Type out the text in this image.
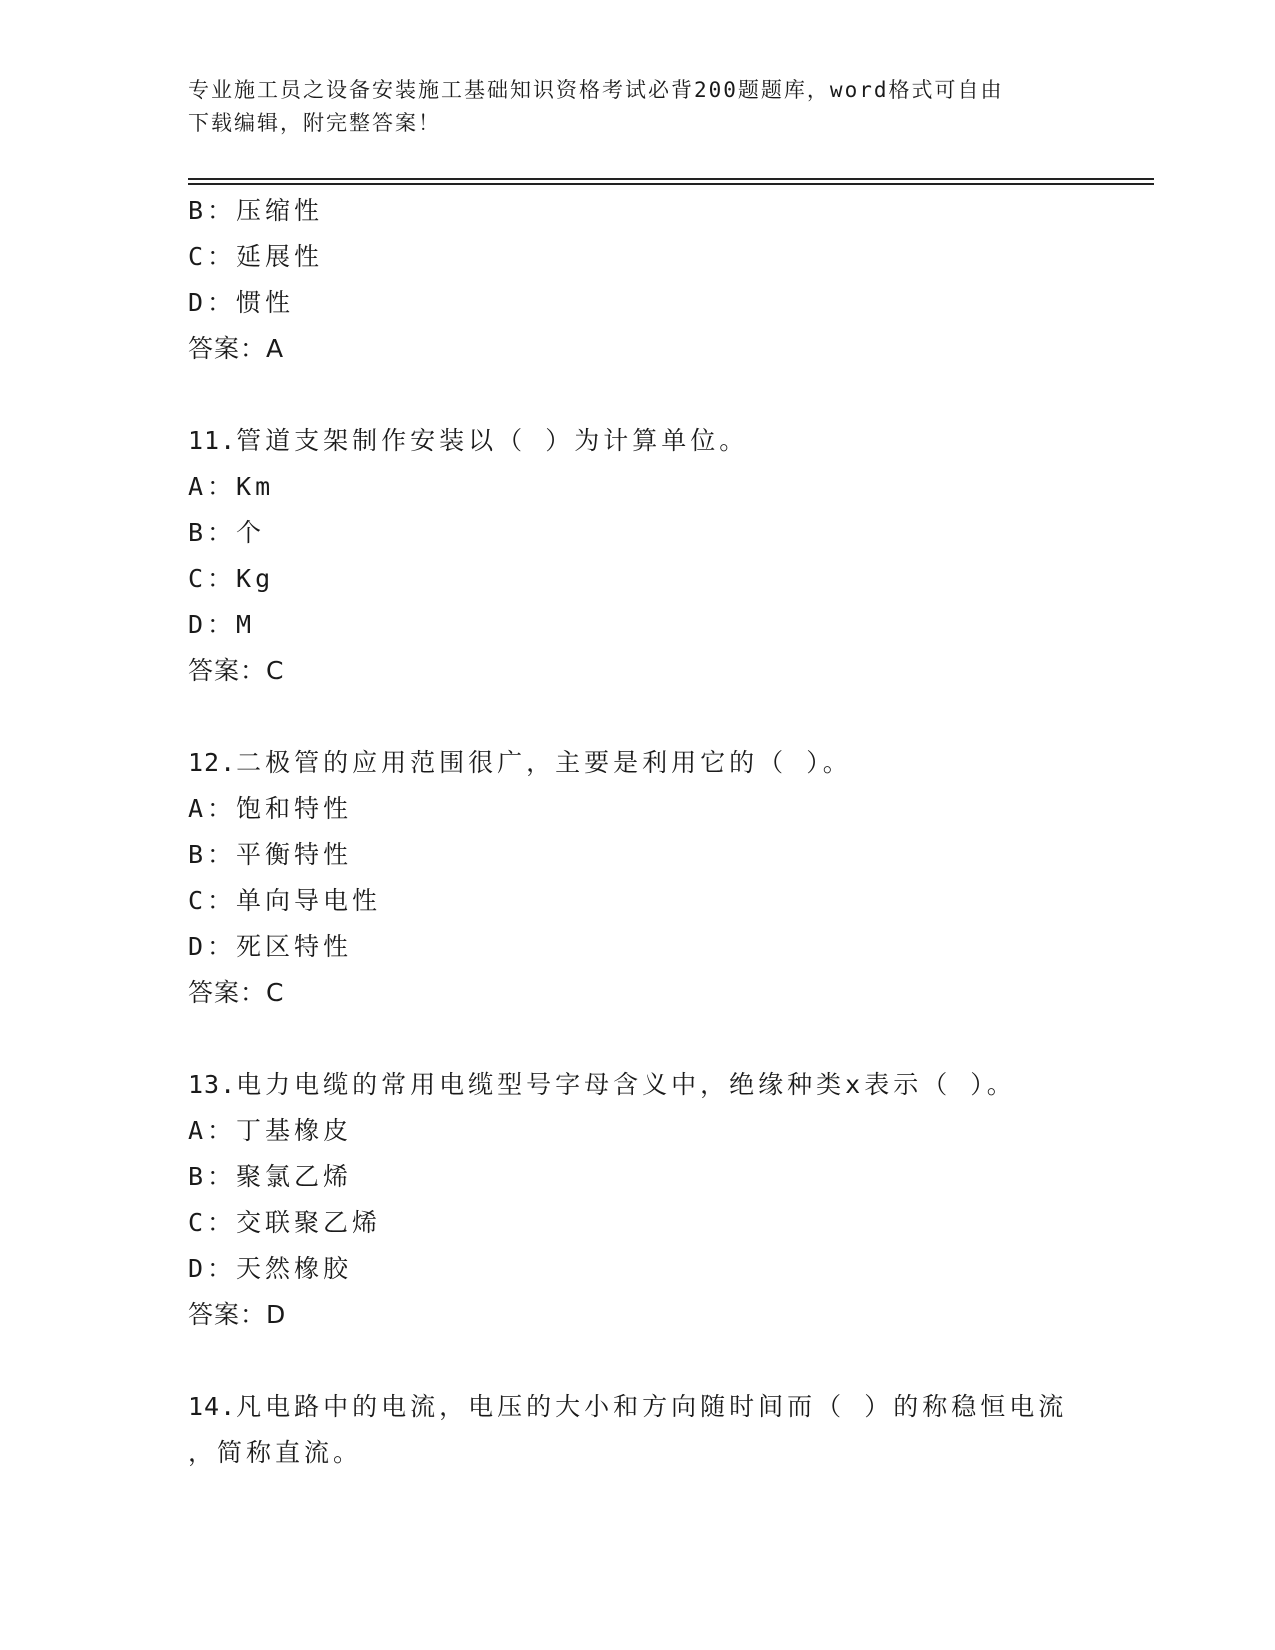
专业施工员之设备安装施工基础知识资格考试必背200题题库，word格式可自由
下载编辑，附完整答案！
B：压缩性
C：延展性
D：惯性
答案：A
11.管道支架制作安装以（ ）为计算单位。
A：Km
B：个
C：Kg
D：M
答案：C
12.二极管的应用范围很广，主要是利用它的（ ）。
A：饱和特性
B：平衡特性
C：单向导电性
D：死区特性
答案：C
13.电力电缆的常用电缆型号字母含义中，绝缘种类x表示（ ）。
A：丁基橡皮
B：聚氯乙烯
C：交联聚乙烯
D：天然橡胶
答案：D
14.凡电路中的电流，电压的大小和方向随时间而（ ）的称稳恒电流
，简称直流。
